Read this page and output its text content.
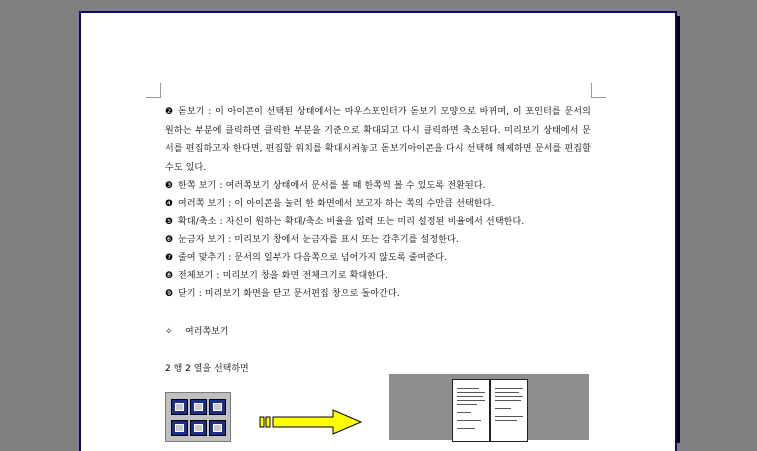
❷ 돋보기 : 이 아이콘이 선택된 상태에서는 마우스포인터가 돋보기 모양으로 바뀌며, 이 포인터를 문서의 원하는 부분에 클릭하면 클릭한 부분을 기준으로 확대되고 다시 클릭하면 축소된다. 미리보기 상태에서 문서를 편집하고자 한다면, 편집할 위치를 확대시켜놓고 돋보기아이콘을 다시 선택해 해제하면 문서를 편집할 수도 있다.
❸ 한쪽 보기 : 여러쪽보기 상태에서 문서를 볼 때 한쪽씩 볼 수 있도록 전환된다.
❹ 여러쪽 보기 : 이 아이콘을 눌러 한 화면에서 보고자 하는 쪽의 수만큼 선택한다.
❺ 확대/축소 : 자신이 원하는 확대/축소 비율을 입력 또는 미리 설정된 비율에서 선택한다.
❻ 눈금자 보기 : 미리보기 창에서 눈금자를 표시 또는 감추기를 설정한다.
❼ 줄여 맞추기 : 문서의 일부가 다음쪽으로 넘어가지 않도록 줄여준다.
❽ 전체보기 : 미리보기 창을 화면 전체크기로 확대한다.
❾ 닫기 : 미리보기 화면을 닫고 문서편집 창으로 돌아간다.
✧ 여러쪽보기
2 행 2 열을 선택하면
